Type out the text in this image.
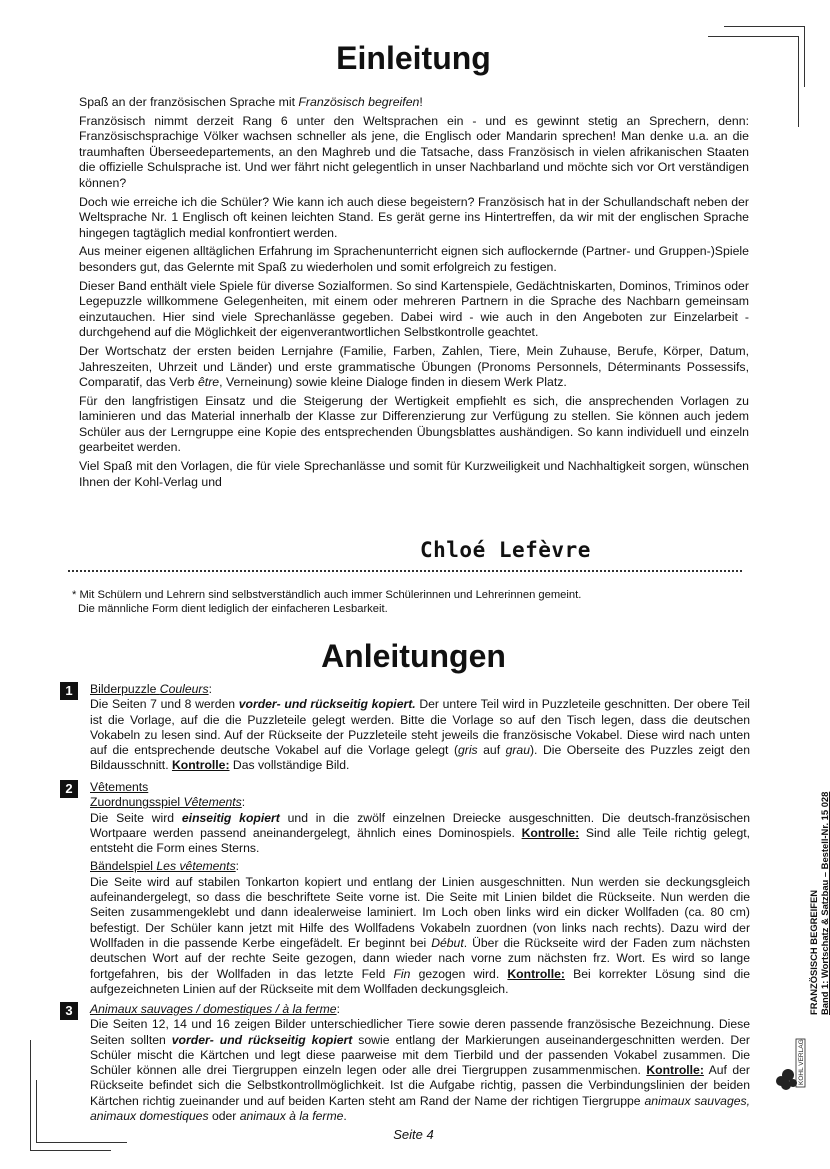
Einleitung

Spaß an der französischen Sprache mit Französisch begreifen!

Französisch nimmt derzeit Rang 6 unter den Weltsprachen ein - und es gewinnt stetig an Sprechern, denn: Französischsprachige Völker wachsen schneller als jene, die Englisch oder Mandarin sprechen! Man denke u.a. an die traumhaften Überseedepartements, an den Maghreb und die Tatsache, dass Französisch in vielen afrikanischen Staaten die offizielle Schulsprache ist. Und wer fährt nicht gelegentlich in unser Nachbarland und möchte sich vor Ort verständigen können?

Doch wie erreiche ich die Schüler? Wie kann ich auch diese begeistern? Französisch hat in der Schullandschaft neben der Weltsprache Nr. 1 Englisch oft keinen leichten Stand. Es gerät gerne ins Hintertreffen, da wir mit der englischen Sprache hingegen tagtäglich medial konfrontiert werden.

Aus meiner eigenen alltäglichen Erfahrung im Sprachenunterricht eignen sich auflockernde (Partner- und Gruppen-)Spiele besonders gut, das Gelernte mit Spaß zu wiederholen und somit erfolgreich zu festigen.

Dieser Band enthält viele Spiele für diverse Sozialformen. So sind Kartenspiele, Gedächtniskarten, Dominos, Triminos oder Legepuzzle willkommene Gelegenheiten, mit einem oder mehreren Partnern in die Sprache des Nachbarn gemeinsam einzutauchen. Hier sind viele Sprechanlässe gegeben. Dabei wird - wie auch in den Angeboten zur Einzelarbeit - durchgehend auf die Möglichkeit der eigenverantwortlichen Selbstkontrolle geachtet.

Der Wortschatz der ersten beiden Lernjahre (Familie, Farben, Zahlen, Tiere, Mein Zuhause, Berufe, Körper, Datum, Jahreszeiten, Uhrzeit und Länder) und erste grammatische Übungen (Pronoms Personnels, Déterminants Possessifs, Comparatif, das Verb être, Verneinung) sowie kleine Dialoge finden in diesem Werk Platz.

Für den langfristigen Einsatz und die Steigerung der Wertigkeit empfiehlt es sich, die ansprechenden Vorlagen zu laminieren und das Material innerhalb der Klasse zur Differenzierung zur Verfügung zu stellen. Sie können auch jedem Schüler aus der Lerngruppe eine Kopie des entsprechenden Übungsblattes aushändigen. So kann individuell und einzeln gearbeitet werden.

Viel Spaß mit den Vorlagen, die für viele Sprechanlässe und somit für Kurzweiligkeit und Nachhaltigkeit sorgen, wünschen Ihnen der Kohl-Verlag und

Chloé Lefèvre
* Mit Schülern und Lehrern sind selbstverständlich auch immer Schülerinnen und Lehrerinnen gemeint.
Die männliche Form dient lediglich der einfacheren Lesbarkeit.
Anleitungen
1	Bilderpuzzle Couleurs:

Die Seiten 7 und 8 werden vorder- und rückseitig kopiert. Der untere Teil wird in Puzzleteile geschnitten. Der obere Teil ist die Vorlage, auf die die Puzzleteile gelegt werden. Bitte die Vorlage so auf den Tisch legen, dass die deutschen Vokabeln zu lesen sind. Auf der Rückseite der Puzzleteile steht jeweils die französische Vokabel. Diese wird nach unten auf die entsprechende deutsche Vokabel auf die Vorlage gelegt (gris auf grau). Die Oberseite des Puzzles zeigt den Bildausschnitt. Kontrolle: Das vollständige Bild.

2	Vêtements

Zuordnungsspiel Vêtements:

Die Seite wird einseitig kopiert und in die zwölf einzelnen Dreiecke ausgeschnitten. Die deutsch-französischen Wortpaare werden passend aneinandergelegt, ähnlich eines Dominospiels. Kontrolle: Sind alle Teile richtig gelegt, entsteht die Form eines Sterns.

Bändelspiel Les vêtements:

Die Seite wird auf stabilen Tonkarton kopiert und entlang der Linien ausgeschnitten. Nun werden sie deckungsgleich aufeinandergelegt, so dass die beschriftete Seite vorne ist. Die Seite mit Linien bildet die Rückseite. Nun werden die Seiten zusammengeklebt und dann idealerweise laminiert. Im Loch oben links wird ein dicker Wollfaden (ca. 80 cm) befestigt. Der Schüler kann jetzt mit Hilfe des Wollfadens Vokabeln zuordnen (von links nach rechts). Dazu wird der Wollfaden in die passende Kerbe eingefädelt. Er beginnt bei Début. Über die Rückseite wird der Faden zum nächsten deutschen Wort auf der rechte Seite gezogen, dann wieder nach vorne zum nächsten frz. Wort. Es wird so lange fortgefahren, bis der Wollfaden in das letzte Feld Fin gezogen wird. Kontrolle: Bei korrekter Lösung sind die aufgezeichneten Linien auf der Rückseite mit dem Wollfaden deckungsgleich.

3	Animaux sauvages / domestiques / à la ferme:

Die Seiten 12, 14 und 16 zeigen Bilder unterschiedlicher Tiere sowie deren passende französische Bezeichnung. Diese Seiten sollten vorder- und rückseitig kopiert sowie entlang der Markierungen auseinandergeschnitten werden. Der Schüler mischt die Kärtchen und legt diese paarweise mit dem Tierbild und der passenden Vokabel zusammen. Die Schüler können alle drei Tiergruppen einzeln legen oder alle drei Tiergruppen zusammenmischen. Kontrolle: Auf der Rückseite befindet sich die Selbstkontrollmöglichkeit. Ist die Aufgabe richtig, passen die Verbindungslinien der beiden Kärtchen richtig zueinander und auf beiden Karten steht am Rand der Name der richtigen Tiergruppe animaux sauvages, animaux domestiques oder animaux à la ferme.

Seite 4
FRANZÖSISCH BEGREIFEN Band 1: Wortschatz & Satzbau – Bestell-Nr. 15 028
KOHL VERLAG
